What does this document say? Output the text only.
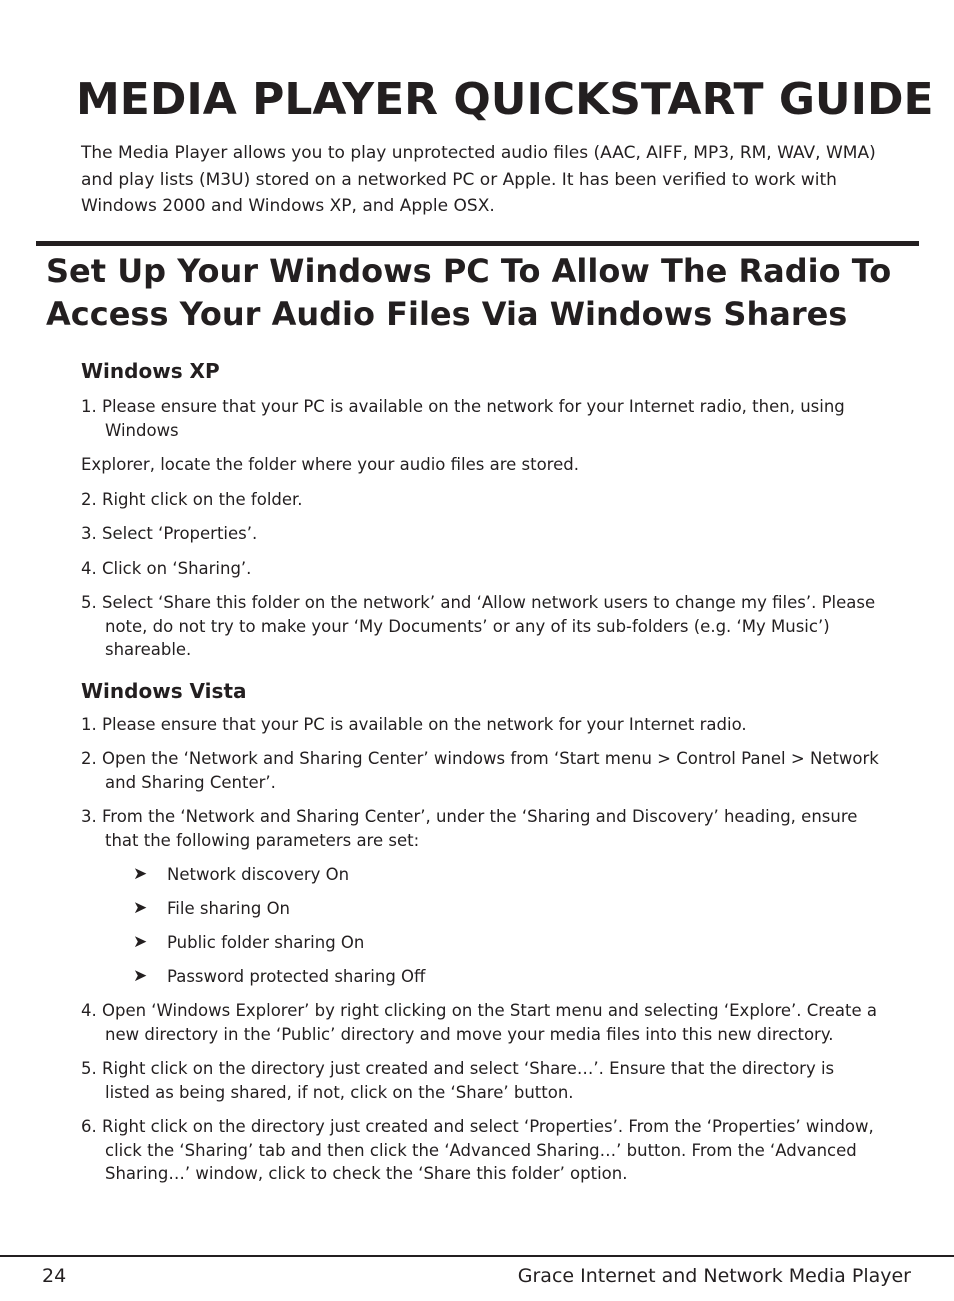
MEDIA PLAYER QUICKSTART GUIDE

The Media Player allows you to play unprotected audio files (AAC, AIFF, MP3, RM, WAV, WMA) and play lists (M3U) stored on a networked PC or Apple. It has been verified to work with Windows 2000 and Windows XP, and Apple OSX.

Set Up Your Windows PC To Allow The Radio To Access Your Audio Files Via Windows Shares
Windows XP

1. Please ensure that your PC is available on the network for your Internet radio, then, using Windows

Explorer, locate the folder where your audio files are stored.

2. Right click on the folder.

3. Select ‘Properties’.

4. Click on ‘Sharing’.

5. Select ‘Share this folder on the network’ and ‘Allow network users to change my files’. Please note, do not try to make your ‘My Documents’ or any of its sub-folders (e.g. ‘My Music’) shareable.

Windows Vista

1. Please ensure that your PC is available on the network for your Internet radio.

2. Open the ‘Network and Sharing Center’ windows from ‘Start menu > Control Panel > Network and Sharing Center’.

3. From the ‘Network and Sharing Center’, under the ‘Sharing and Discovery’ heading, ensure that the following parameters are set:

➤ Network discovery On
➤ File sharing On
➤ Public folder sharing On
➤ Password protected sharing Off

4. Open ‘Windows Explorer’ by right clicking on the Start menu and selecting ‘Explore’. Create a new directory in the ‘Public’ directory and move your media files into this new directory.

5. Right click on the directory just created and select ‘Share…’. Ensure that the directory is listed as being shared, if not, click on the ‘Share’ button.

6. Right click on the directory just created and select ‘Properties’. From the ‘Properties’ window, click the ‘Sharing’ tab and then click the ‘Advanced Sharing…’ button. From the ‘Advanced Sharing…’ window, click to check the ‘Share this folder’ option.

24	Grace Internet and Network Media Player
